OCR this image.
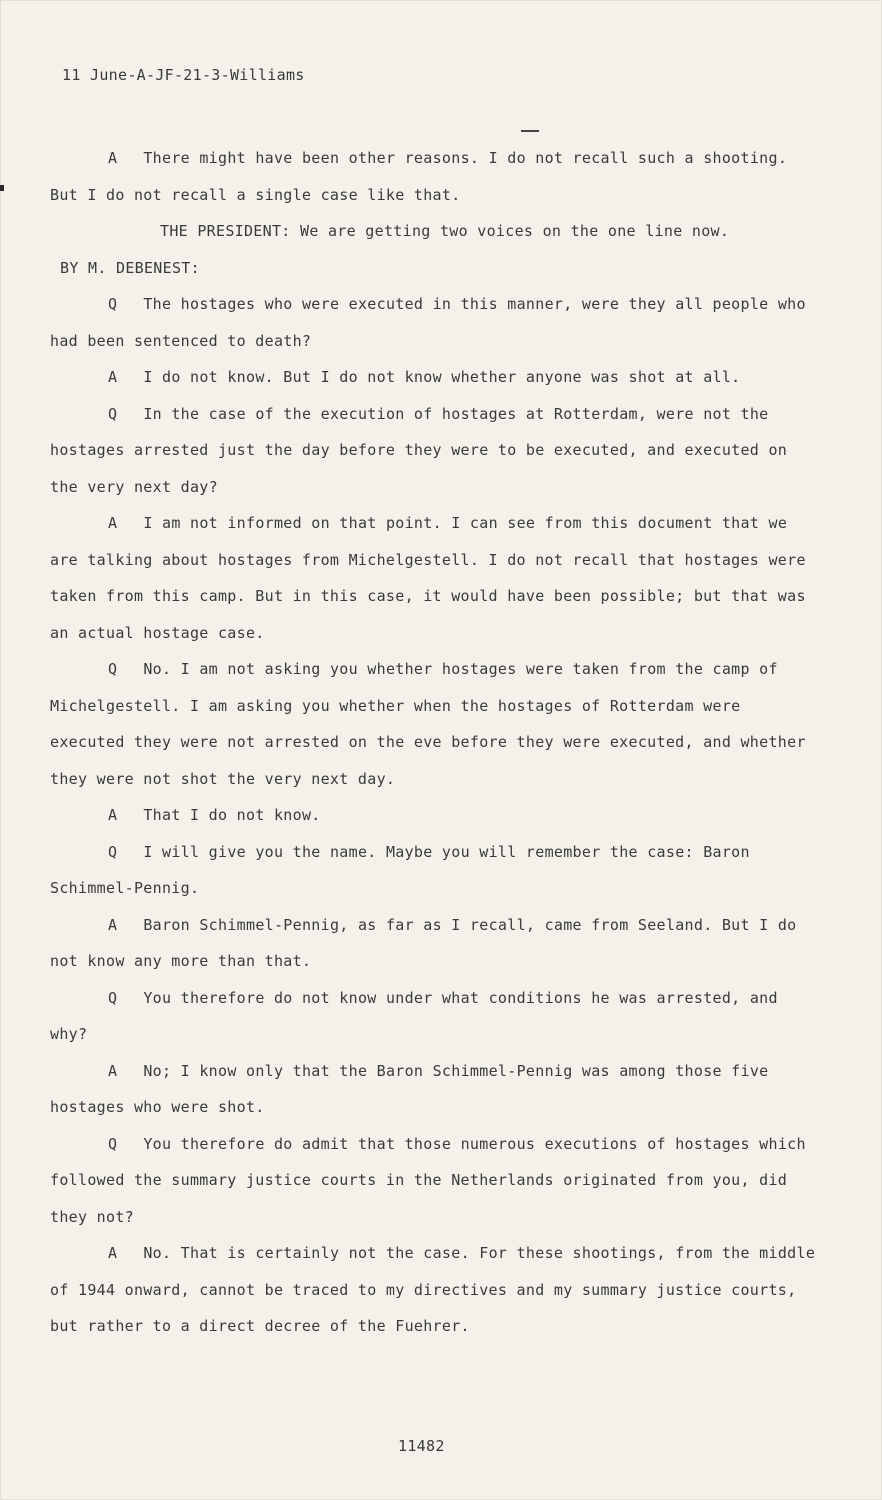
11 June-A-JF-21-3-Williams

A There might have been other reasons. I do not recall such a shooting. But I do not recall a single case like that.

THE PRESIDENT: We are getting two voices on the one line now.

BY M. DEBENEST:

Q The hostages who were executed in this manner, were they all people who had been sentenced to death?

A I do not know. But I do not know whether anyone was shot at all.

Q In the case of the execution of hostages at Rotterdam, were not the hostages arrested just the day before they were to be executed, and executed on the very next day?

A I am not informed on that point. I can see from this document that we are talking about hostages from Michelgestell. I do not recall that hostages were taken from this camp. But in this case, it would have been possible; but that was an actual hostage case.

Q No. I am not asking you whether hostages were taken from the camp of Michelgestell. I am asking you whether when the hostages of Rotterdam were executed they were not arrested on the eve before they were executed, and whether they were not shot the very next day.

A That I do not know.

Q I will give you the name. Maybe you will remember the case: Baron Schimmel-Pennig.

A Baron Schimmel-Pennig, as far as I recall, came from Seeland. But I do not know any more than that.

Q You therefore do not know under what conditions he was arrested, and why?

A No; I know only that the Baron Schimmel-Pennig was among those five hostages who were shot.

Q You therefore do admit that those numerous executions of hostages which followed the summary justice courts in the Netherlands originated from you, did they not?

A No. That is certainly not the case. For these shootings, from the middle of 1944 onward, cannot be traced to my directives and my summary justice courts, but rather to a direct decree of the Fuehrer.

11482
